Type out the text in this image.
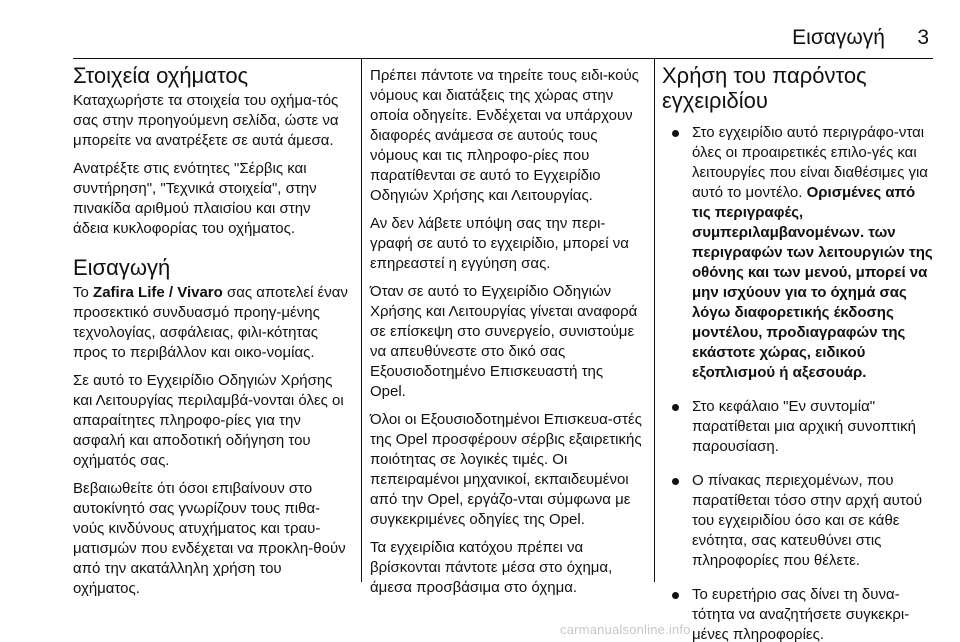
Εισαγωγή 3
Στοιχεία οχήματος

Καταχωρήστε τα στοιχεία του οχήμα-τός σας στην προηγούμενη σελίδα, ώστε να μπορείτε να ανατρέξετε σε αυτά άμεσα.

Ανατρέξτε στις ενότητες "Σέρβις και συντήρηση", "Τεχνικά στοιχεία", στην πινακίδα αριθμού πλαισίου και στην άδεια κυκλοφορίας του οχήματος.

Εισαγωγή

Το Zafira Life / Vivaro σας αποτελεί έναν προσεκτικό συνδυασμό προηγ-μένης τεχνολογίας, ασφάλειας, φιλι-κότητας προς το περιβάλλον και οικο-νομίας.

Σε αυτό το Εγχειρίδιο Οδηγιών Χρήσης και Λειτουργίας περιλαμβά-νονται όλες οι απαραίτητες πληροφο-ρίες για την ασφαλή και αποδοτική οδήγηση του οχήματός σας.

Βεβαιωθείτε ότι όσοι επιβαίνουν στο αυτοκίνητό σας γνωρίζουν τους πιθα-νούς κινδύνους ατυχήματος και τραυ-ματισμών που ενδέχεται να προκλη-θούν από την ακατάλληλη χρήση του οχήματος.

Πρέπει πάντοτε να τηρείτε τους ειδι-κούς νόμους και διατάξεις της χώρας στην οποία οδηγείτε. Ενδέχεται να υπάρχουν διαφορές ανάμεσα σε αυτούς τους νόμους και τις πληροφο-ρίες που παρατίθενται σε αυτό το Εγχειρίδιο Οδηγιών Χρήσης και Λειτουργίας.

Αν δεν λάβετε υπόψη σας την περι-γραφή σε αυτό το εγχειρίδιο, μπορεί να επηρεαστεί η εγγύηση σας.

Όταν σε αυτό το Εγχειρίδιο Οδηγιών Χρήσης και Λειτουργίας γίνεται αναφορά σε επίσκεψη στο συνεργείο, συνιστούμε να απευθύνεστε στο δικό σας Εξουσιοδοτημένο Επισκευαστή της Opel.

Όλοι οι Εξουσιοδοτημένοι Επισκευα-στές της Opel προσφέρουν σέρβις εξαιρετικής ποιότητας σε λογικές τιμές. Οι πεπειραμένοι μηχανικοί, εκπαιδευμένοι από την Opel, εργάζο-νται σύμφωνα με συγκεκριμένες οδηγίες της Opel.

Τα εγχειρίδια κατόχου πρέπει να βρίσκονται πάντοτε μέσα στο όχημα, άμεσα προσβάσιμα στο όχημα.

Χρήση του παρόντος εγχειριδίου
Στο εγχειρίδιο αυτό περιγράφο-νται όλες οι προαιρετικές επιλο-γές και λειτουργίες που είναι διαθέσιμες για αυτό το μοντέλο. Ορισμένες από τις περιγραφές, συμπεριλαμβανομένων. των περιγραφών των λειτουργιών της οθόνης και των μενού, μπορεί να μην ισχύουν για το όχημά σας λόγω διαφορετικής έκδοσης μοντέλου, προδιαγραφών της εκάστοτε χώρας, ειδικού εξοπλισμού ή αξεσουάρ.
Στο κεφάλαιο "Εν συντομία" παρατίθεται μια αρχική συνοπτική παρουσίαση.
Ο πίνακας περιεχομένων, που παρατίθεται τόσο στην αρχή αυτού του εγχειριδίου όσο και σε κάθε ενότητα, σας κατευθύνει στις πληροφορίες που θέλετε.
Το ευρετήριο σας δίνει τη δυνα-τότητα να αναζητήσετε συγκεκρι-μένες πληροφορίες.
carmanualsonline.info
